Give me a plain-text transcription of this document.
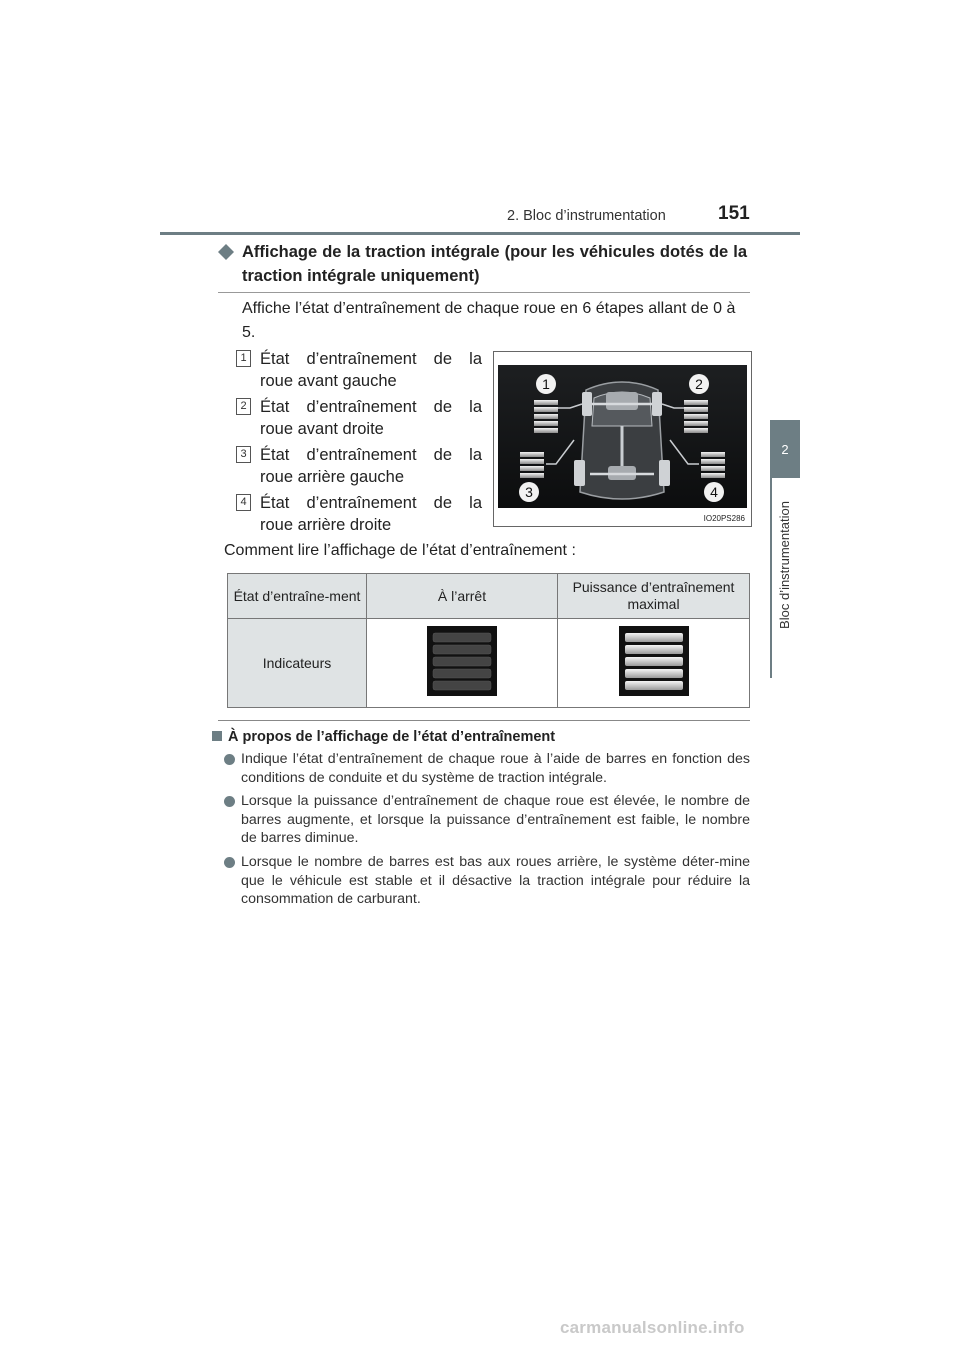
2. Bloc d’instrumentation	151
2
Bloc d’instrumentation
Affichage de la traction intégrale (pour les véhicules dotés de la traction intégrale uniquement)
Affiche l’état d’entraînement de chaque roue en 6 étapes allant de 0 à 5.
1 État d’entraînement de la
roue avant gauche
2 État d’entraînement de la
roue avant droite
3 État d’entraînement de la
roue arrière gauche
4 État d’entraînement de la
roue arrière droite
1	2
3	4
IO20PS286
Comment lire l’affichage de l’état d’entraînement :
État d’entraîne-ment	À l’arrêt	Puissance d’entraînement maximal
Indicateurs		
À propos de l’affichage de l’état d’entraînement
Indique l’état d’entraînement de chaque roue à l’aide de barres en fonction des conditions de conduite et du système de traction intégrale.
Lorsque la puissance d’entraînement de chaque roue est élevée, le nombre de barres augmente, et lorsque la puissance d’entraînement est faible, le nombre de barres diminue.
Lorsque le nombre de barres est bas aux roues arrière, le système déter-mine que le véhicule est stable et il désactive la traction intégrale pour réduire la consommation de carburant.
carmanualsonline.info
